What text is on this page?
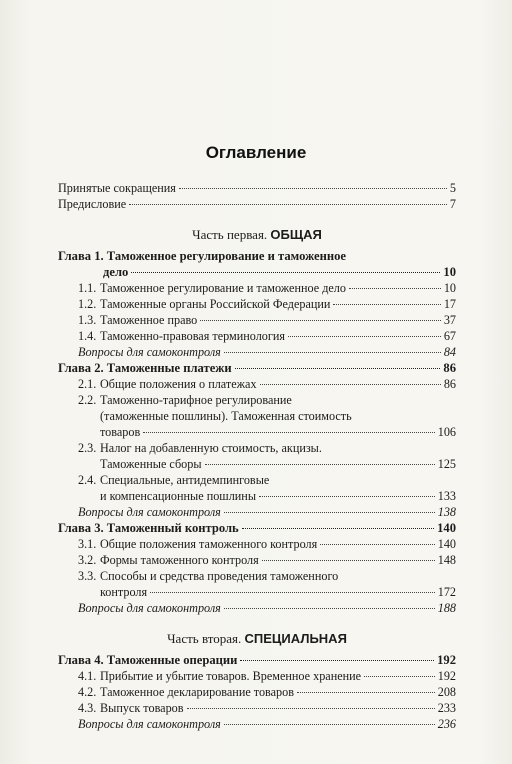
Оглавление
Принятые сокращения	5
Предисловие	7
Часть первая. ОБЩАЯ
Глава 1. Таможенное регулирование и таможенное
дело	10
1.1. Таможенное регулирование и таможенное дело	10
1.2. Таможенные органы Российской Федерации	17
1.3. Таможенное право	37
1.4. Таможенно-правовая терминология	67
Вопросы для самоконтроля	84
Глава 2. Таможенные платежи	86
2.1. Общие положения о платежах	86
2.2. Таможенно-тарифное регулирование
(таможенные пошлины). Таможенная стоимость
товаров	106
2.3. Налог на добавленную стоимость, акцизы.
Таможенные сборы	125
2.4. Специальные, антидемпинговые
и компенсационные пошлины	133
Вопросы для самоконтроля	138
Глава 3. Таможенный контроль	140
3.1. Общие положения таможенного контроля	140
3.2. Формы таможенного контроля	148
3.3. Способы и средства проведения таможенного
контроля	172
Вопросы для самоконтроля	188
Часть вторая. СПЕЦИАЛЬНАЯ
Глава 4. Таможенные операции	192
4.1. Прибытие и убытие товаров. Временное хранение	192
4.2. Таможенное декларирование товаров	208
4.3. Выпуск товаров	233
Вопросы для самоконтроля	236
